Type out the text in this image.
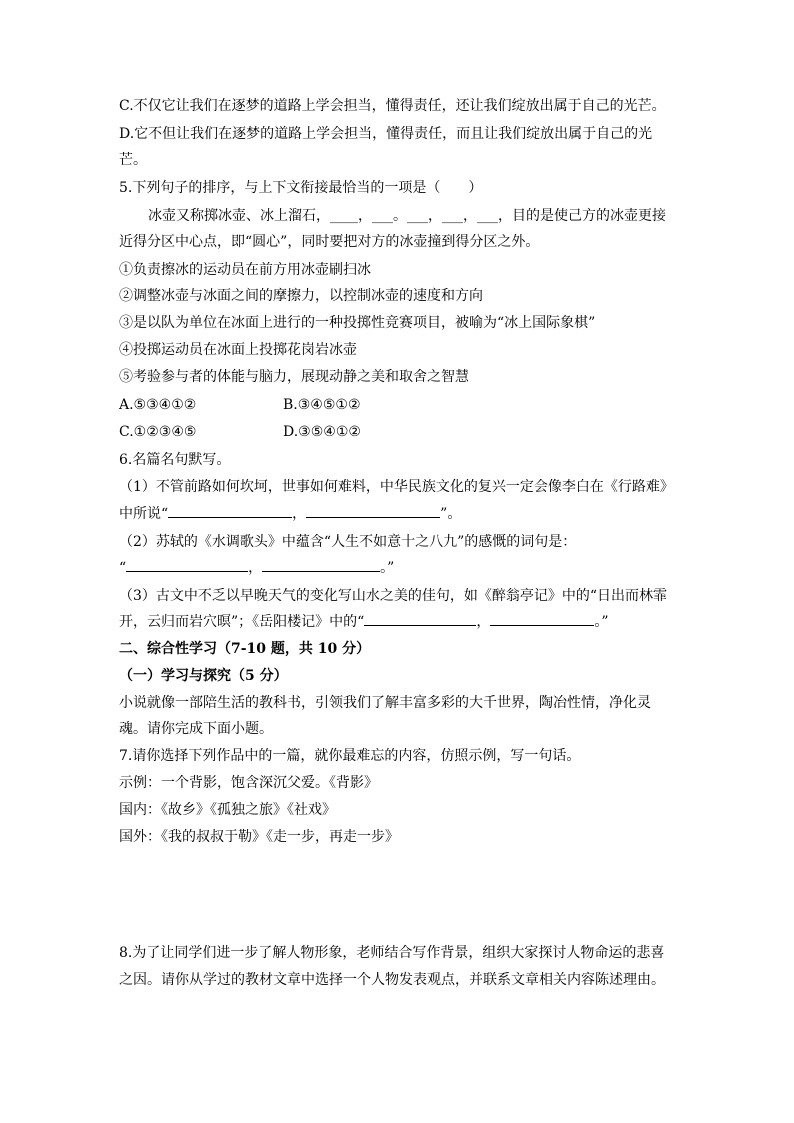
C.不仅它让我们在逐梦的道路上学会担当，懂得责任，还让我们绽放出属于自己的光芒。
D.它不但让我们在逐梦的道路上学会担当，懂得责任，而且让我们绽放出属于自己的光
芒。
5.下列句子的排序，与上下文衔接最恰当的一项是（　　）
冰壶又称掷冰壶、冰上溜石，____，___。___，___，___，目的是使己方的冰壶更接
近得分区中心点，即“圆心”，同时要把对方的冰壶撞到得分区之外。
①负责擦冰的运动员在前方用冰壶刷扫冰
②调整冰壶与冰面之间的摩擦力，以控制冰壶的速度和方向
③是以队为单位在冰面上进行的一种投掷性竞赛项目，被喻为“冰上国际象棋”
④投掷运动员在冰面上投掷花岗岩冰壶
⑤考验参与者的体能与脑力，展现动静之美和取舍之智慧
A.⑤③④①②	B.③④⑤①②
C.①②③④⑤	D.③⑤④①②
6.名篇名句默写。
（1）不管前路如何坎坷，世事如何难料，中华民族文化的复兴一定会像李白在《行路难》
中所说“	，	”。
（2）苏轼的《水调歌头》中蕴含“人生不如意十之八九”的感慨的词句是：
“	，	。”
（3）古文中不乏以早晚天气的变化写山水之美的佳句，如《醉翁亭记》中的“日出而林霏
开，云归而岩穴暝”；《岳阳楼记》中的“	，	。”
二、综合性学习（7-10 题，共 10 分）
（一）学习与探究（5 分）
小说就像一部陪生活的教科书，引领我们了解丰富多彩的大千世界，陶冶性情，净化灵
魂。请你完成下面小题。
7.请你选择下列作品中的一篇，就你最难忘的内容，仿照示例，写一句话。
示例：一个背影，饱含深沉父爱。《背影》
国内：《故乡》《孤独之旅》《社戏》
国外：《我的叔叔于勒》《走一步，再走一步》
8.为了让同学们进一步了解人物形象，老师结合写作背景，组织大家探讨人物命运的悲喜
之因。请你从学过的教材文章中选择一个人物发表观点，并联系文章相关内容陈述理由。
